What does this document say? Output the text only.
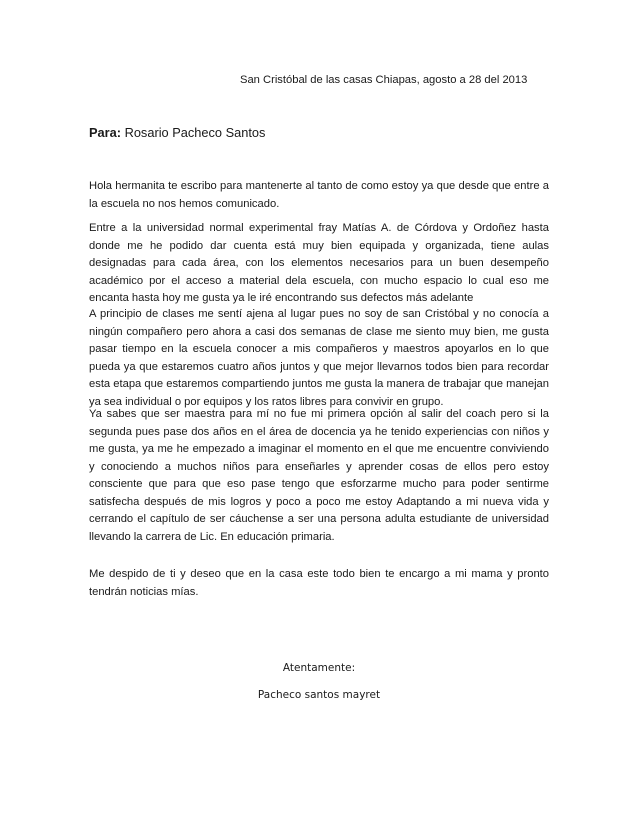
San Cristóbal de las casas Chiapas, agosto a 28 del 2013
Para: Rosario Pacheco Santos
Hola hermanita te escribo para mantenerte al tanto de como estoy ya que desde que entre a la escuela no nos hemos comunicado.
Entre a la universidad normal experimental fray Matías A. de Córdova y Ordoñez hasta donde me he podido dar cuenta está muy bien equipada y organizada, tiene aulas designadas para cada área, con los elementos necesarios para un buen desempeño académico por el acceso a material dela escuela, con mucho espacio lo cual eso me encanta hasta hoy me gusta ya le iré encontrando sus defectos más adelante
A principio de clases me sentí ajena al lugar pues no soy de san Cristóbal y no conocía a ningún compañero pero ahora a casi dos semanas de clase me siento muy bien, me gusta pasar tiempo en la escuela conocer a mis compañeros y maestros apoyarlos en lo que pueda ya que estaremos cuatro años juntos y que mejor llevarnos todos bien para recordar esta etapa que estaremos compartiendo juntos me gusta la manera de trabajar que manejan ya sea individual o por equipos y los ratos libres para convivir en grupo.
Ya sabes que ser maestra para mí no fue mi primera opción al salir del coach pero si la segunda pues pase dos años en el área de docencia ya he tenido experiencias con niños y me gusta, ya me he empezado a imaginar el momento en el que me encuentre conviviendo y conociendo a muchos niños para enseñarles y aprender cosas de ellos pero estoy consciente que para que eso pase tengo que esforzarme mucho para poder sentirme satisfecha después de mis logros y poco a poco me estoy Adaptando a mi nueva vida y cerrando el capítulo de ser cáuchense a ser una persona adulta estudiante de universidad llevando la carrera de Lic. En educación primaria.
Me despido de ti y deseo que en la casa este todo bien te encargo a mi mama y pronto tendrán noticias mías.
Atentamente:
Pacheco santos mayret
